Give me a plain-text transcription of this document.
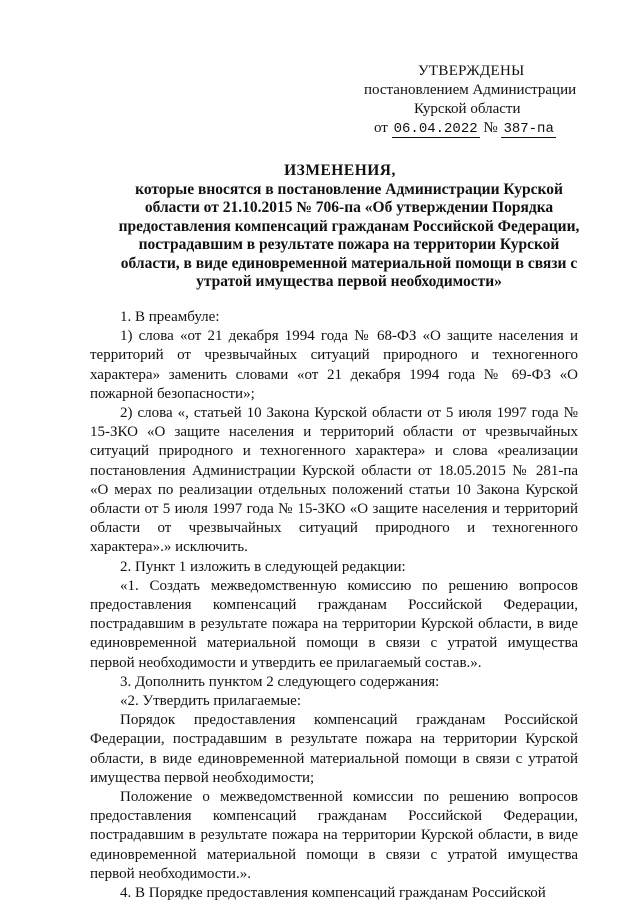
УТВЕРЖДЕНЫ
постановлением Администрации
Курской области
от 06.04.2022 № 387-па
ИЗМЕНЕНИЯ,
которые вносятся в постановление Администрации Курской области от 21.10.2015 № 706-па «Об утверждении Порядка предоставления компенсаций гражданам Российской Федерации, пострадавшим в результате пожара на территории Курской области, в виде единовременной материальной помощи в связи с утратой имущества первой необходимости»

1. В преамбуле:

1) слова «от 21 декабря 1994 года № 68-ФЗ «О защите населения и территорий от чрезвычайных ситуаций природного и техногенного характера» заменить словами «от 21 декабря 1994 года № 69-ФЗ «О пожарной безопасности»;

2) слова «, статьей 10 Закона Курской области от 5 июля 1997 года № 15-ЗКО «О защите населения и территорий области от чрезвычайных ситуаций природного и техногенного характера» и слова «реализации постановления Администрации Курской области от 18.05.2015 № 281-па «О мерах по реализации отдельных положений статьи 10 Закона Курской области от 5 июля 1997 года № 15-ЗКО «О защите населения и территорий области от чрезвычайных ситуаций природного и техногенного характера».» исключить.

2. Пункт 1 изложить в следующей редакции:

«1. Создать межведомственную комиссию по решению вопросов предоставления компенсаций гражданам Российской Федерации, пострадавшим в результате пожара на территории Курской области, в виде единовременной материальной помощи в связи с утратой имущества первой необходимости и утвердить ее прилагаемый состав.».

3. Дополнить пунктом 2 следующего содержания:

«2. Утвердить прилагаемые:

Порядок предоставления компенсаций гражданам Российской Федерации, пострадавшим в результате пожара на территории Курской области, в виде единовременной материальной помощи в связи с утратой имущества первой необходимости;

Положение о межведомственной комиссии по решению вопросов предоставления компенсаций гражданам Российской Федерации, пострадавшим в результате пожара на территории Курской области, в виде единовременной материальной помощи в связи с утратой имущества первой необходимости.».

4. В Порядке предоставления компенсаций гражданам Российской
